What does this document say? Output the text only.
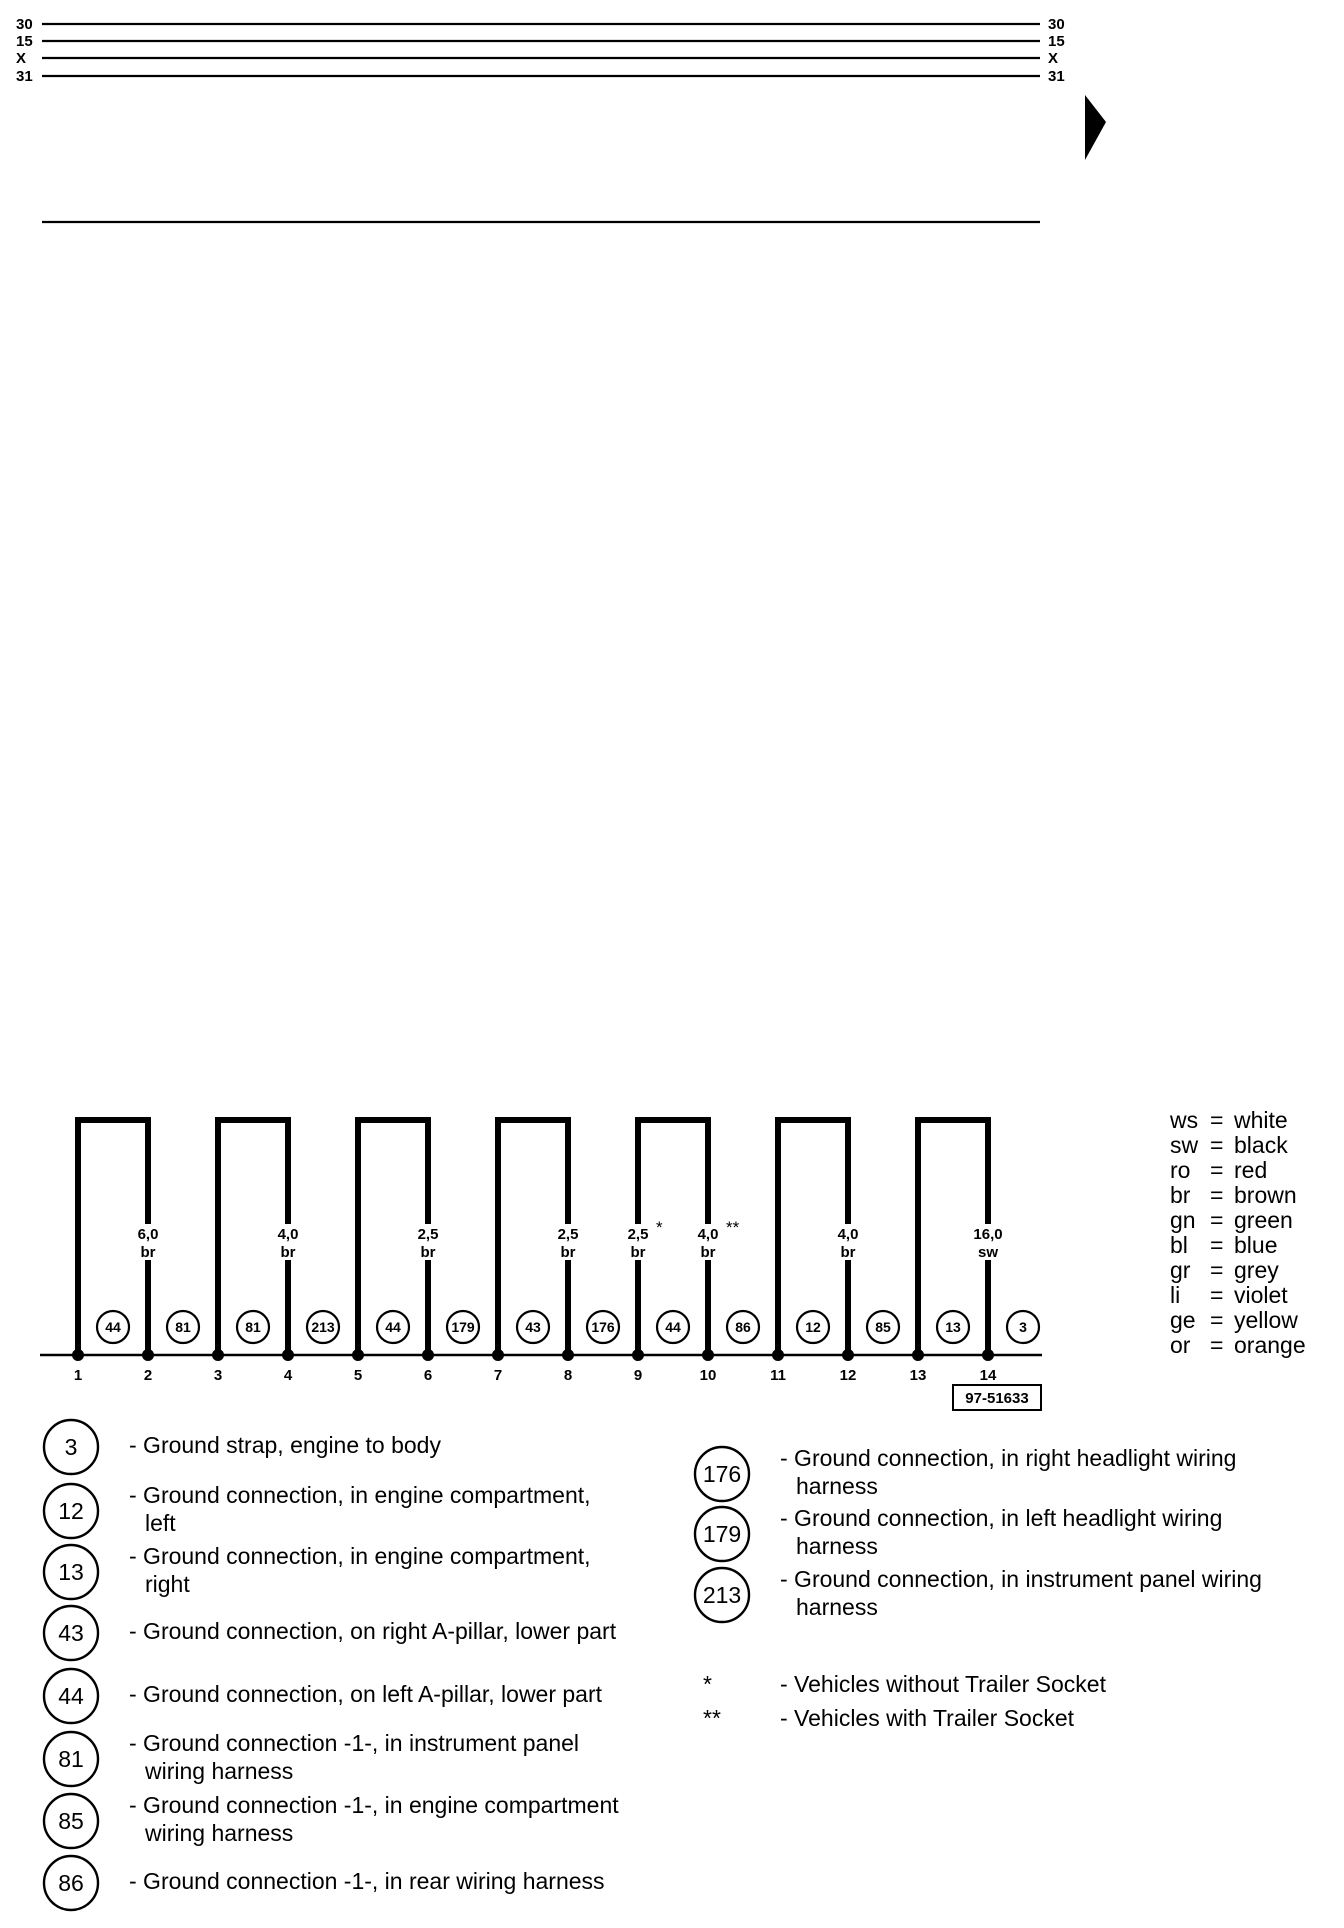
30
15
X
31
30
15
X
31
6,0
br
4,0
br
2,5
br
2,5
br
2,5
br
* 4,0
br
**	4,0
br
16,0
sw
44	81	81	213	44	179	43	176	44	86	12	85	13	3
1	2	3	4	5	6	7	8	9	10	11	12	13	14
97-51633
ws = white
sw = black
ro = red
br = brown
gn = green
bl = blue
gr = grey
li = violet
ge = yellow
or = orange
3 - Ground strap, engine to body
12
- Ground connection, in engine compartment,
left
13
- Ground connection, in engine compartment,
right
43 - Ground connection, on right A-pillar, lower part
44 - Ground connection, on left A-pillar, lower part
81
- Ground connection -1-, in instrument panel
wiring harness
85
- Ground connection -1-, in engine compartment
wiring harness
86 - Ground connection -1-, in rear wiring harness
176
- Ground connection, in right headlight wiring
harness
179
- Ground connection, in left headlight wiring
harness
213
- Ground connection, in instrument panel wiring
harness
*	- Vehicles without Trailer Socket
**	- Vehicles with Trailer Socket
